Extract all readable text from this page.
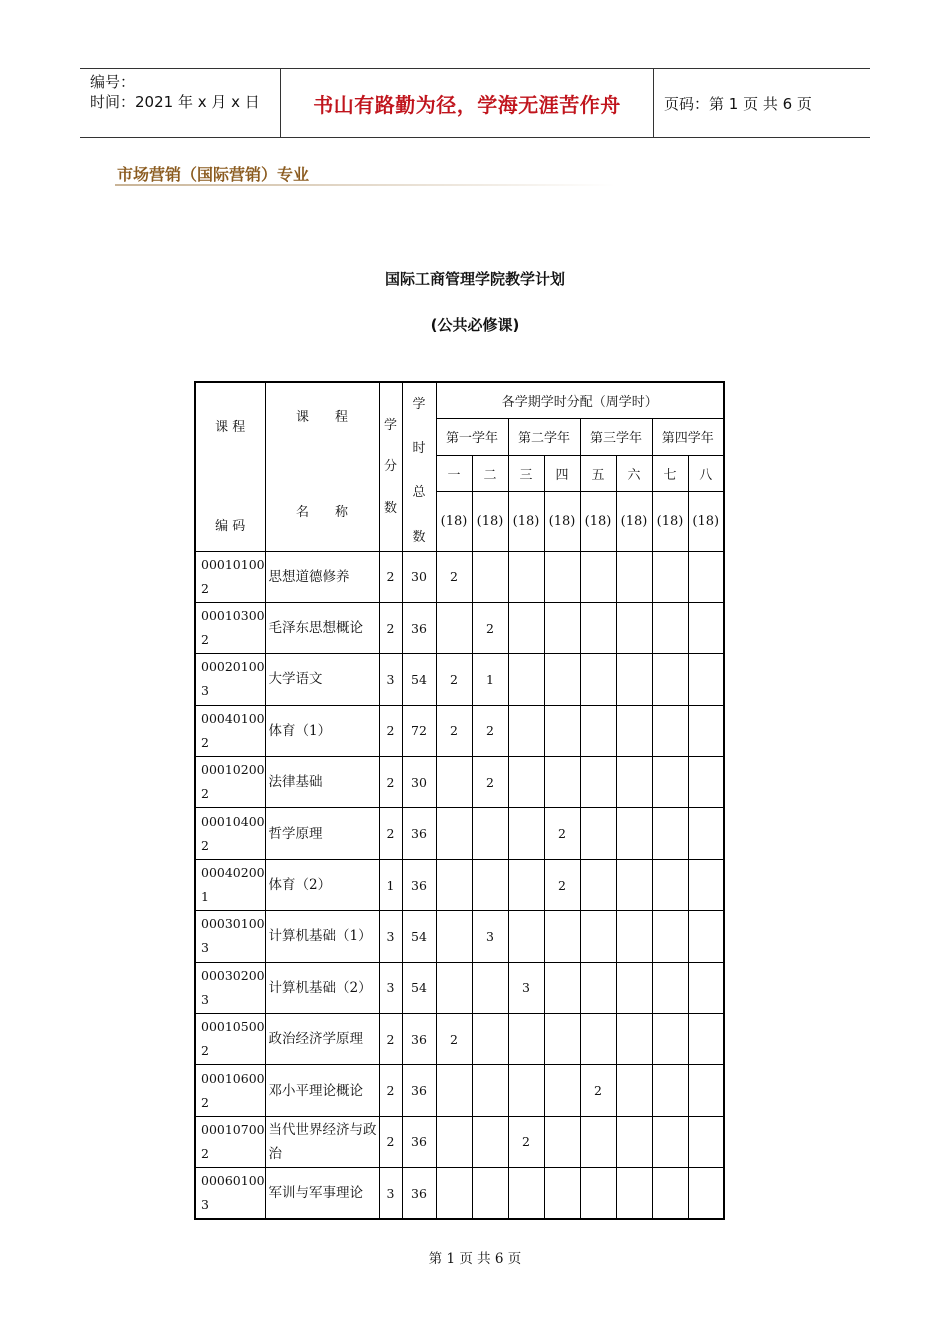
编号：
时间：2021 年 x 月 x 日	书山有路勤为径，学海无涯苦作舟	页码：第 1 页 共 6 页
市场营销（国际营销）专业
国际工商管理学院教学计划
(公共必修课)
课 程
编 码	课　　程
名　　称	学
分
数	学
时
总
数	各学期学时分配（周学时）							
				第一学年		第二学年		第三学年		第四学年	
				一	二	三	四	五	六	七	八
				(18)	(18)	(18)	(18)	(18)	(18)	(18)	(18)

00010100
2	思想道德修养	2	30	2							

00010300
2	毛泽东思想概论	2	36		2						

00020100
3	大学语文	3	54	2	1						

00040100
2	体育（1）	2	72	2	2						

00010200
2	法律基础	2	30		2						

00010400
2	哲学原理	2	36				2				

00040200
1	体育（2）	1	36				2				

00030100
3	计算机基础（1）	3	54		3						

00030200
3	计算机基础（2）	3	54			3					

00010500
2	政治经济学原理	2	36	2							

00010600
2	邓小平理论概论	2	36					2			

00010700
2	当代世界经济与政治	2	36			2					

00060100
3	军训与军事理论	3	36								
第 1 页 共 6 页
